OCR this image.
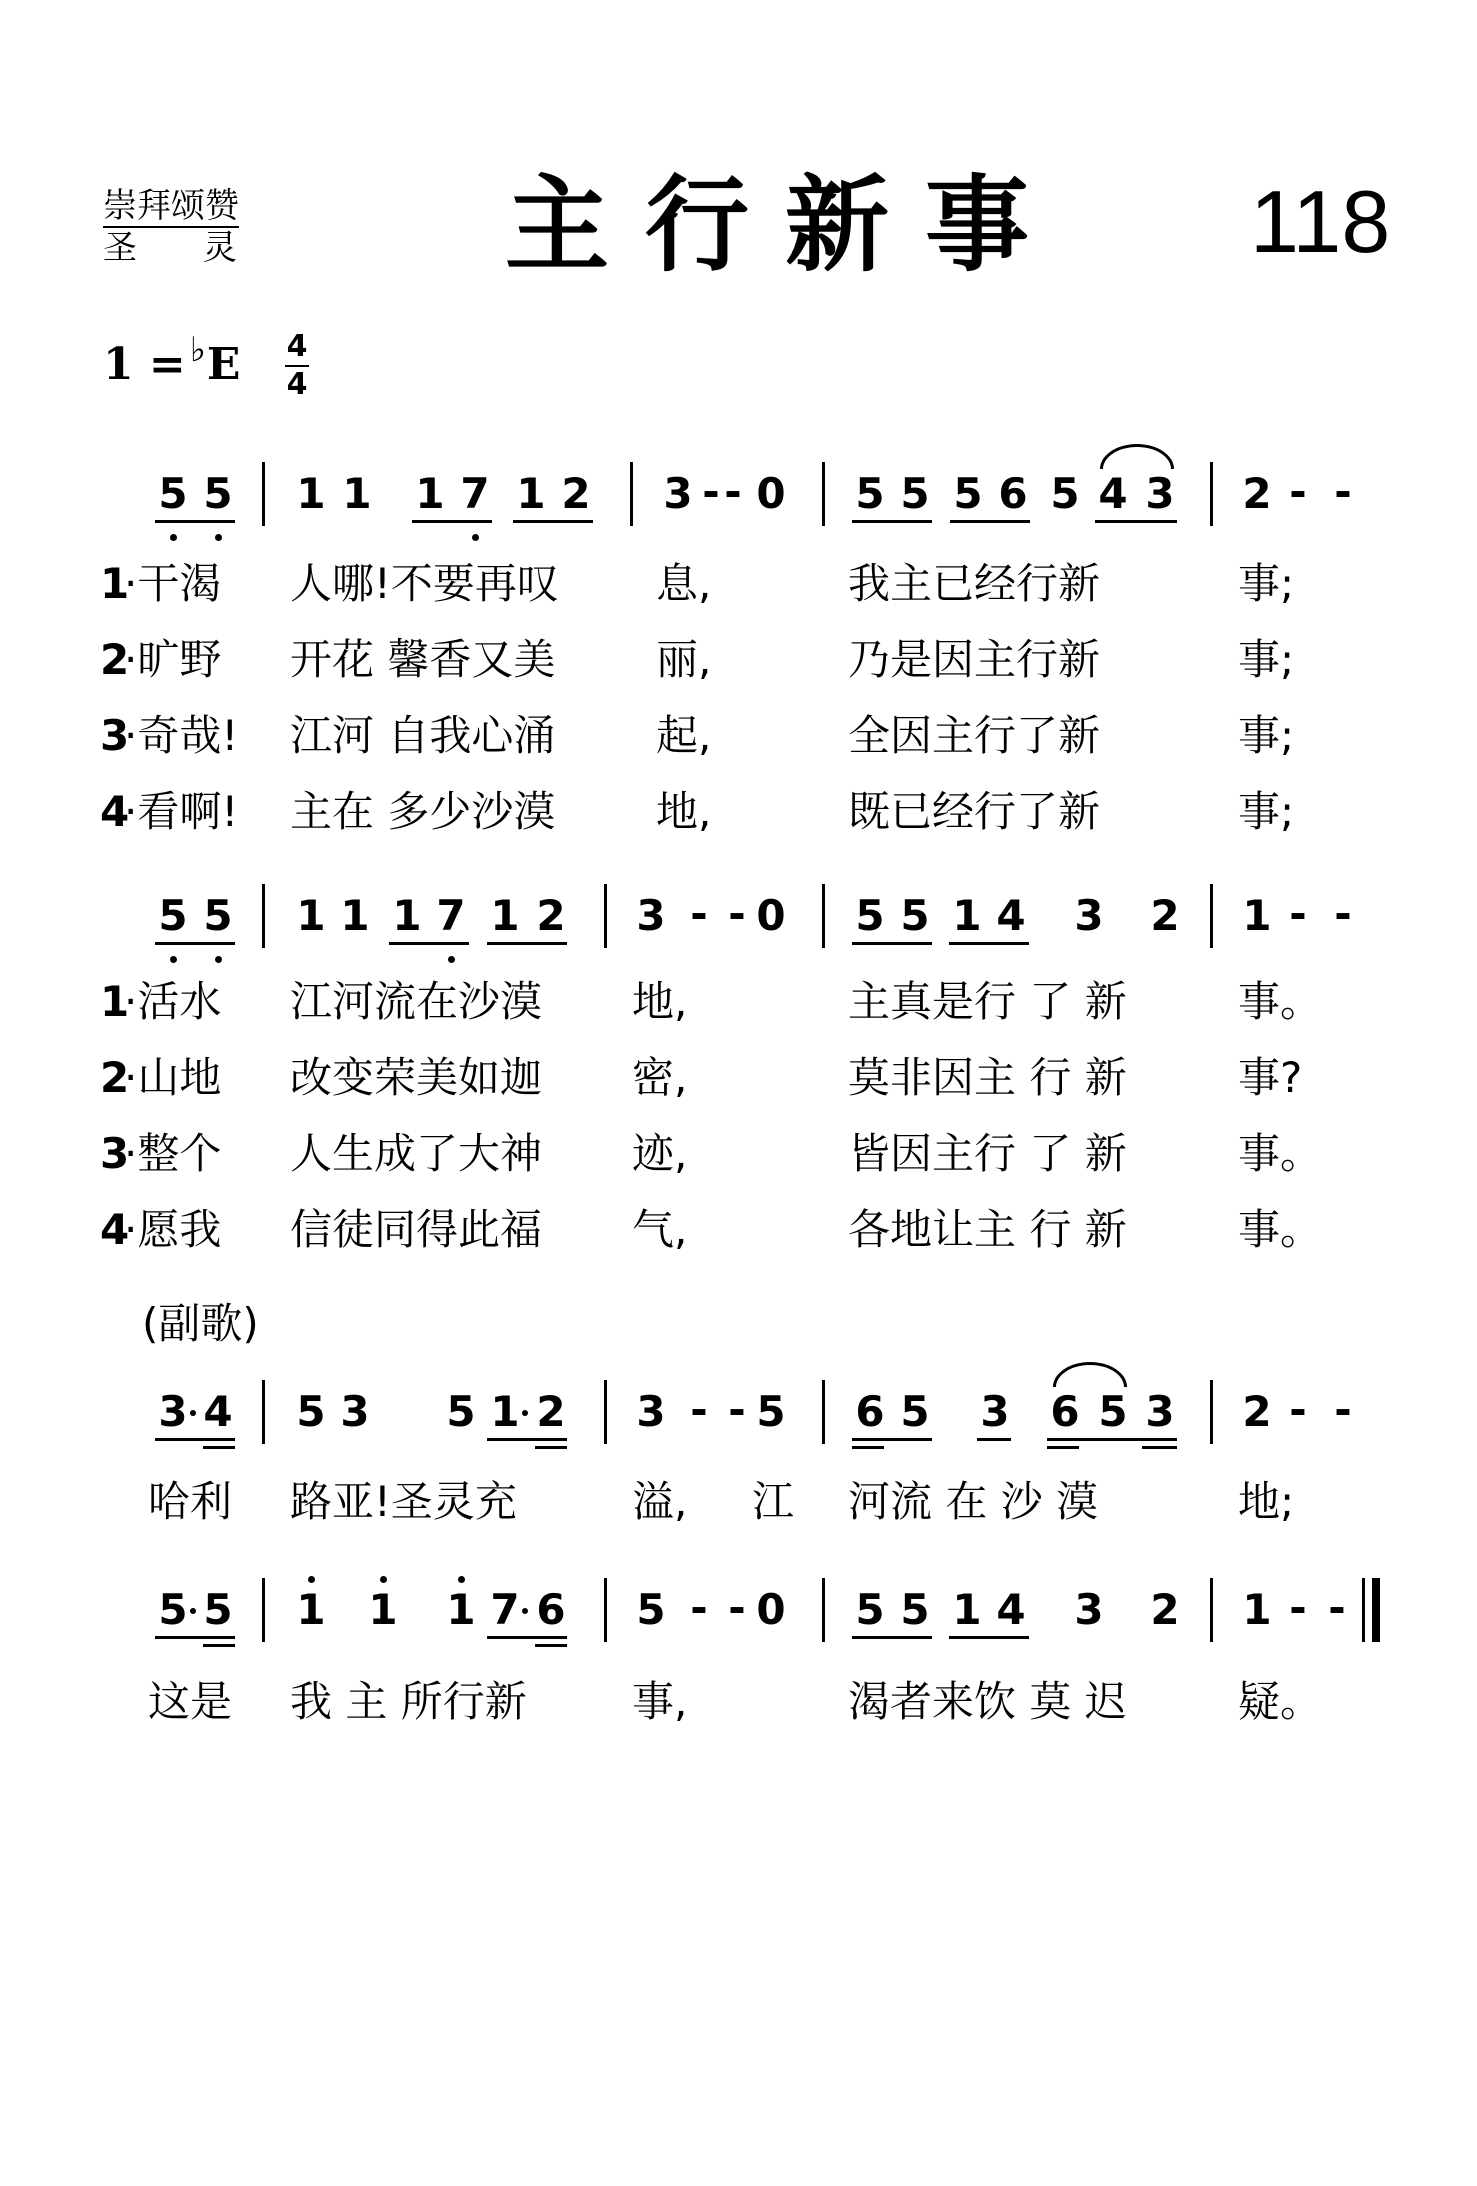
崇拜颂赞
圣灵 主行新事 118
1 = ♭E 4
4
5 5 1 1 1 7 1 2 3 - - 0 5 5 5 6 5 4 3 2 - -
1
·干渴 人哪!不要再叹 息,	我主已经行新	事;
2
·旷野 开花 馨香又美 丽,	乃是因主行新	事;
3
·奇哉! 江河 自我心涌 起,	全因主行了新	事;
4
·看啊! 主在 多少沙漠 地,	既已经行了新	事;
5 5 1 1 1 7 1 2 3 - - 0 5 5 1 4 3 2 1 - -
1
·活水 江河流在沙漠 地,	主真是行 了 新	事。
2
·山地 改变荣美如迦 密,	莫非因主 行 新	事?
3
·整个 人生成了大神 迹,	皆因主行 了 新	事。
4
·愿我 信徒同得此福 气,	各地让主 行 新	事。
(副歌)
3 4 5 3 5 1 2 3 - - 5 6 5 3 6 5 3 2 - -
哈利 路亚!圣灵充	溢, 江 河流 在 沙 漠	地;
5 5 1 1 1 7 6 5 - - 0 5 5 1 4 3 2 1 - -
这是 我 主 所行新	事,	渴者来饮 莫 迟	疑。
